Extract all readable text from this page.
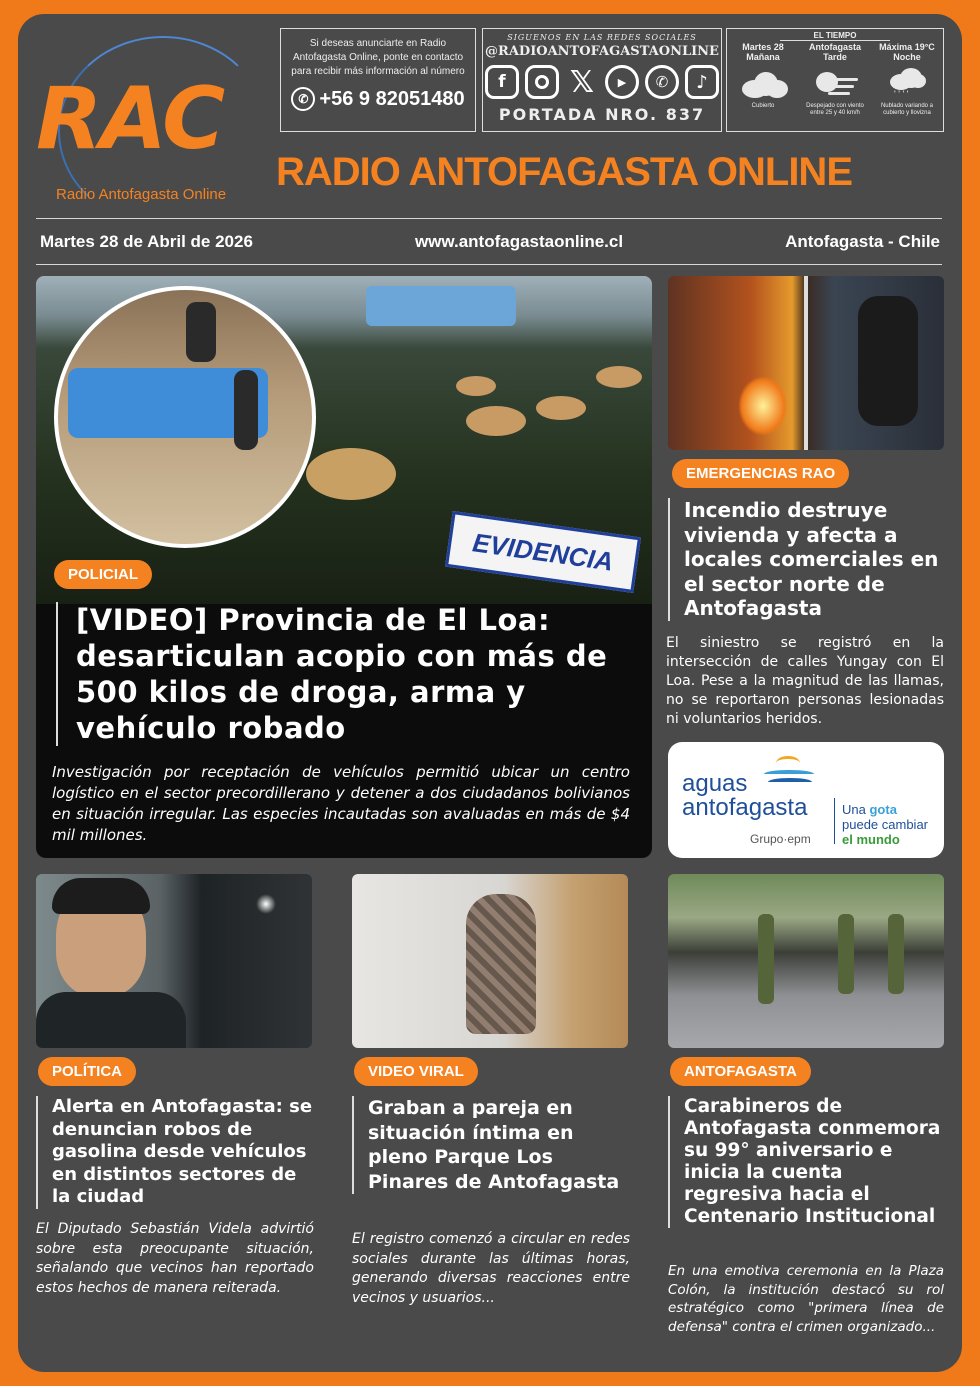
RAC
Radio Antofagasta Online
Si deseas anunciarte en Radio Antofagasta Online, ponte en contacto para recibir más información al número
✆ +56 9 82051480
SIGUENOS EN LAS REDES SOCIALES
@RADIOANTOFAGASTAONLINE
f	𝕏	▶	✆	♪
PORTADA NRO. 837
EL TIEMPO
Martes 28 Mañana
Cubierto
Antofagasta Tarde
Despejado con viento entre 25 y 40 km/h
Máxima 19°C Noche
' ' ' '
Nublado variando a cubierto y llovizna
RADIO ANTOFAGASTA ONLINE
Martes 28 de Abril de 2026	www.antofagastaonline.cl	Antofagasta - Chile
EVIDENCIA
POLICIAL
[VIDEO] Provincia de El Loa: desarticulan acopio con más de 500 kilos de droga, arma y vehículo robado
Investigación por receptación de vehículos permitió ubicar un centro logístico en el sector precordillerano y detener a dos ciudadanos bolivianos en situación irregular. Las especies incautadas son avaluadas en más de $4 mil millones.
EMERGENCIAS RAO
Incendio destruye vivienda y afecta a locales comerciales en el sector norte de Antofagasta
El siniestro se registró en la intersección de calles Yungay con El Loa. Pese a la magnitud de las llamas, no se reportaron personas lesionadas ni voluntarios heridos.
aguas
antofagasta
Grupo·epm
Una gota
puede cambiar
el mundo
POLÍTICA	VIDEO VIRAL	ANTOFAGASTA
Alerta en Antofagasta: se denuncian robos de gasolina desde vehículos en distintos sectores de la ciudad
Graban a pareja en situación íntima en pleno Parque Los Pinares de Antofagasta
Carabineros de Antofagasta conmemora su 99° aniversario e inicia la cuenta regresiva hacia el Centenario Institucional
El Diputado Sebastián Videla advirtió sobre esta preocupante situación, señalando que vecinos han reportado estos hechos de manera reiterada.
El registro comenzó a circular en redes sociales durante las últimas horas, generando diversas reacciones entre vecinos y usuarios...
En una emotiva ceremonia en la Plaza Colón, la institución destacó su rol estratégico como "primera línea de defensa" contra el crimen organizado...
